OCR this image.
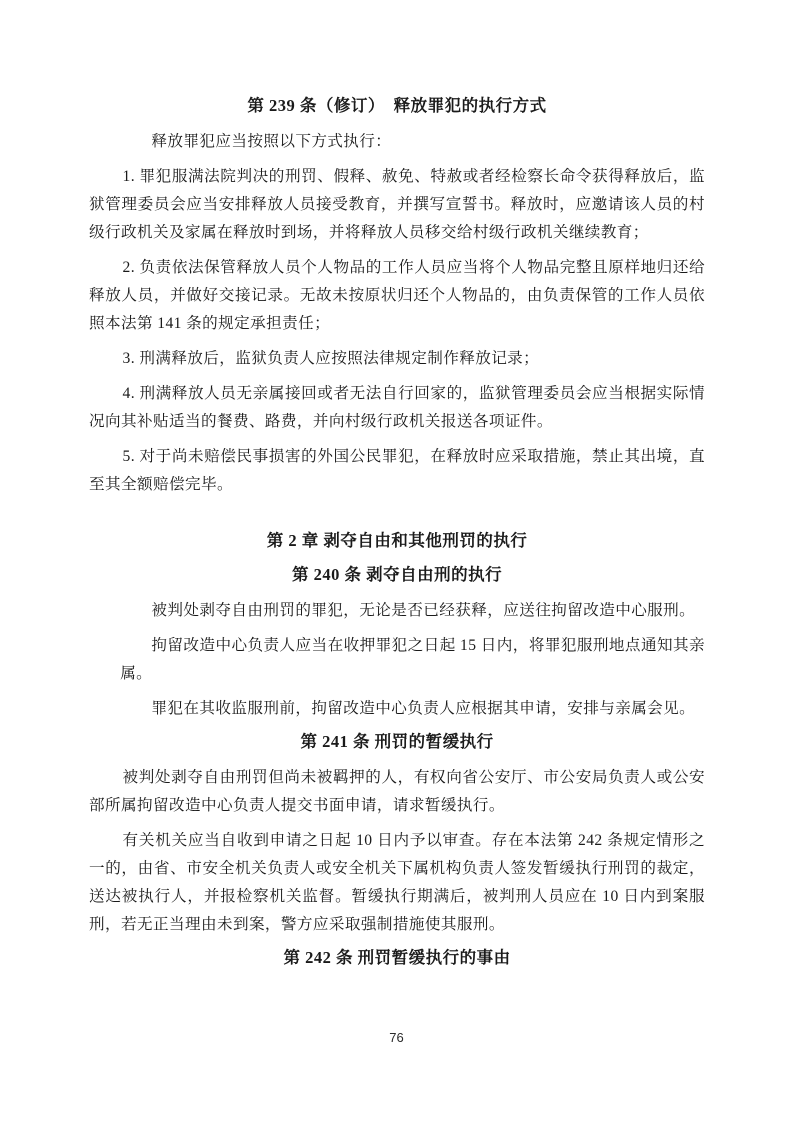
第 239 条（修订）　释放罪犯的执行方式

释放罪犯应当按照以下方式执行：

1. 罪犯服满法院判决的刑罚、假释、赦免、特赦或者经检察长命令获得释放后，监狱管理委员会应当安排释放人员接受教育，并撰写宣誓书。释放时，应邀请该人员的村级行政机关及家属在释放时到场，并将释放人员移交给村级行政机关继续教育；

2. 负责依法保管释放人员个人物品的工作人员应当将个人物品完整且原样地归还给释放人员，并做好交接记录。无故未按原状归还个人物品的，由负责保管的工作人员依照本法第 141 条的规定承担责任；

3. 刑满释放后，监狱负责人应按照法律规定制作释放记录；

4. 刑满释放人员无亲属接回或者无法自行回家的，监狱管理委员会应当根据实际情况向其补贴适当的餐费、路费，并向村级行政机关报送各项证件。

5. 对于尚未赔偿民事损害的外国公民罪犯，在释放时应采取措施，禁止其出境，直至其全额赔偿完毕。

第 2 章 剥夺自由和其他刑罚的执行
第 240 条 剥夺自由刑的执行

被判处剥夺自由刑罚的罪犯，无论是否已经获释，应送往拘留改造中心服刑。

拘留改造中心负责人应当在收押罪犯之日起 15 日内，将罪犯服刑地点通知其亲属。

罪犯在其收监服刑前，拘留改造中心负责人应根据其申请，安排与亲属会见。

第 241 条 刑罚的暂缓执行

被判处剥夺自由刑罚但尚未被羁押的人，有权向省公安厅、市公安局负责人或公安部所属拘留改造中心负责人提交书面申请，请求暂缓执行。

有关机关应当自收到申请之日起 10 日内予以审查。存在本法第 242 条规定情形之一的，由省、市安全机关负责人或安全机关下属机构负责人签发暂缓执行刑罚的裁定，送达被执行人，并报检察机关监督。暂缓执行期满后，被判刑人员应在 10 日内到案服刑，若无正当理由未到案，警方应采取强制措施使其服刑。

第 242 条 刑罚暂缓执行的事由
76
